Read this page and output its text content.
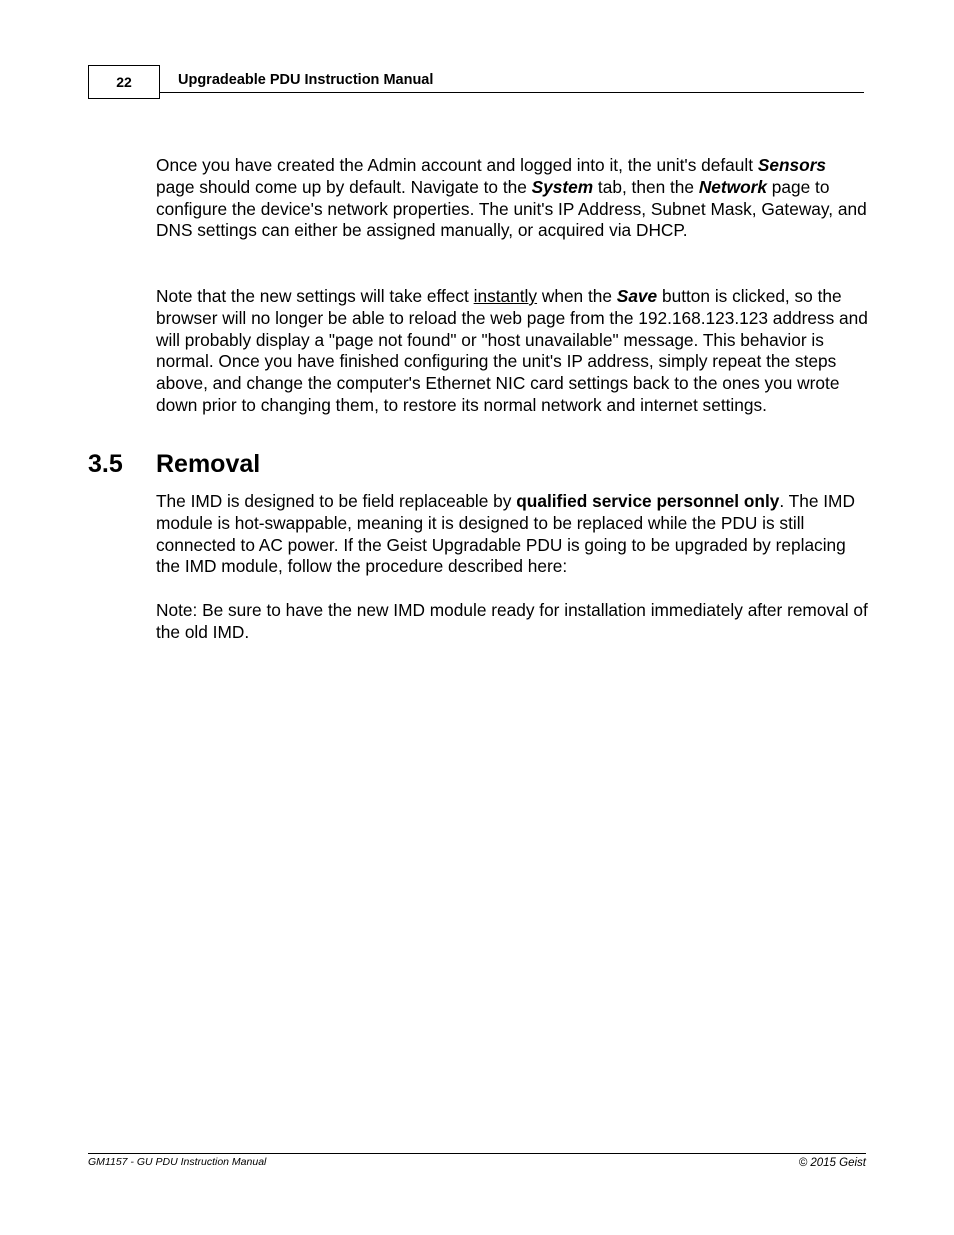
22	Upgradeable PDU Instruction Manual

Once you have created the Admin account and logged into it, the unit's default Sensors page should come up by default. Navigate to the System tab, then the Network page to configure the device's network properties. The unit's IP Address, Subnet Mask, Gateway, and DNS settings can either be assigned manually, or acquired via DHCP.

Note that the new settings will take effect instantly when the Save button is clicked, so the browser will no longer be able to reload the web page from the 192.168.123.123 address and will probably display a "page not found" or "host unavailable" message. This behavior is normal. Once you have finished configuring the unit's IP address, simply repeat the steps above, and change the computer's Ethernet NIC card settings back to the ones you wrote down prior to changing them, to restore its normal network and internet settings.

3.5 Removal

The IMD is designed to be field replaceable by qualified service personnel only. The IMD module is hot-swappable, meaning it is designed to be replaced while the PDU is still connected to AC power. If the Geist Upgradable PDU is going to be upgraded by replacing the IMD module, follow the procedure described here:

Note: Be sure to have the new IMD module ready for installation immediately after removal of the old IMD.

GM1157 - GU PDU Instruction Manual	© 2015 Geist
